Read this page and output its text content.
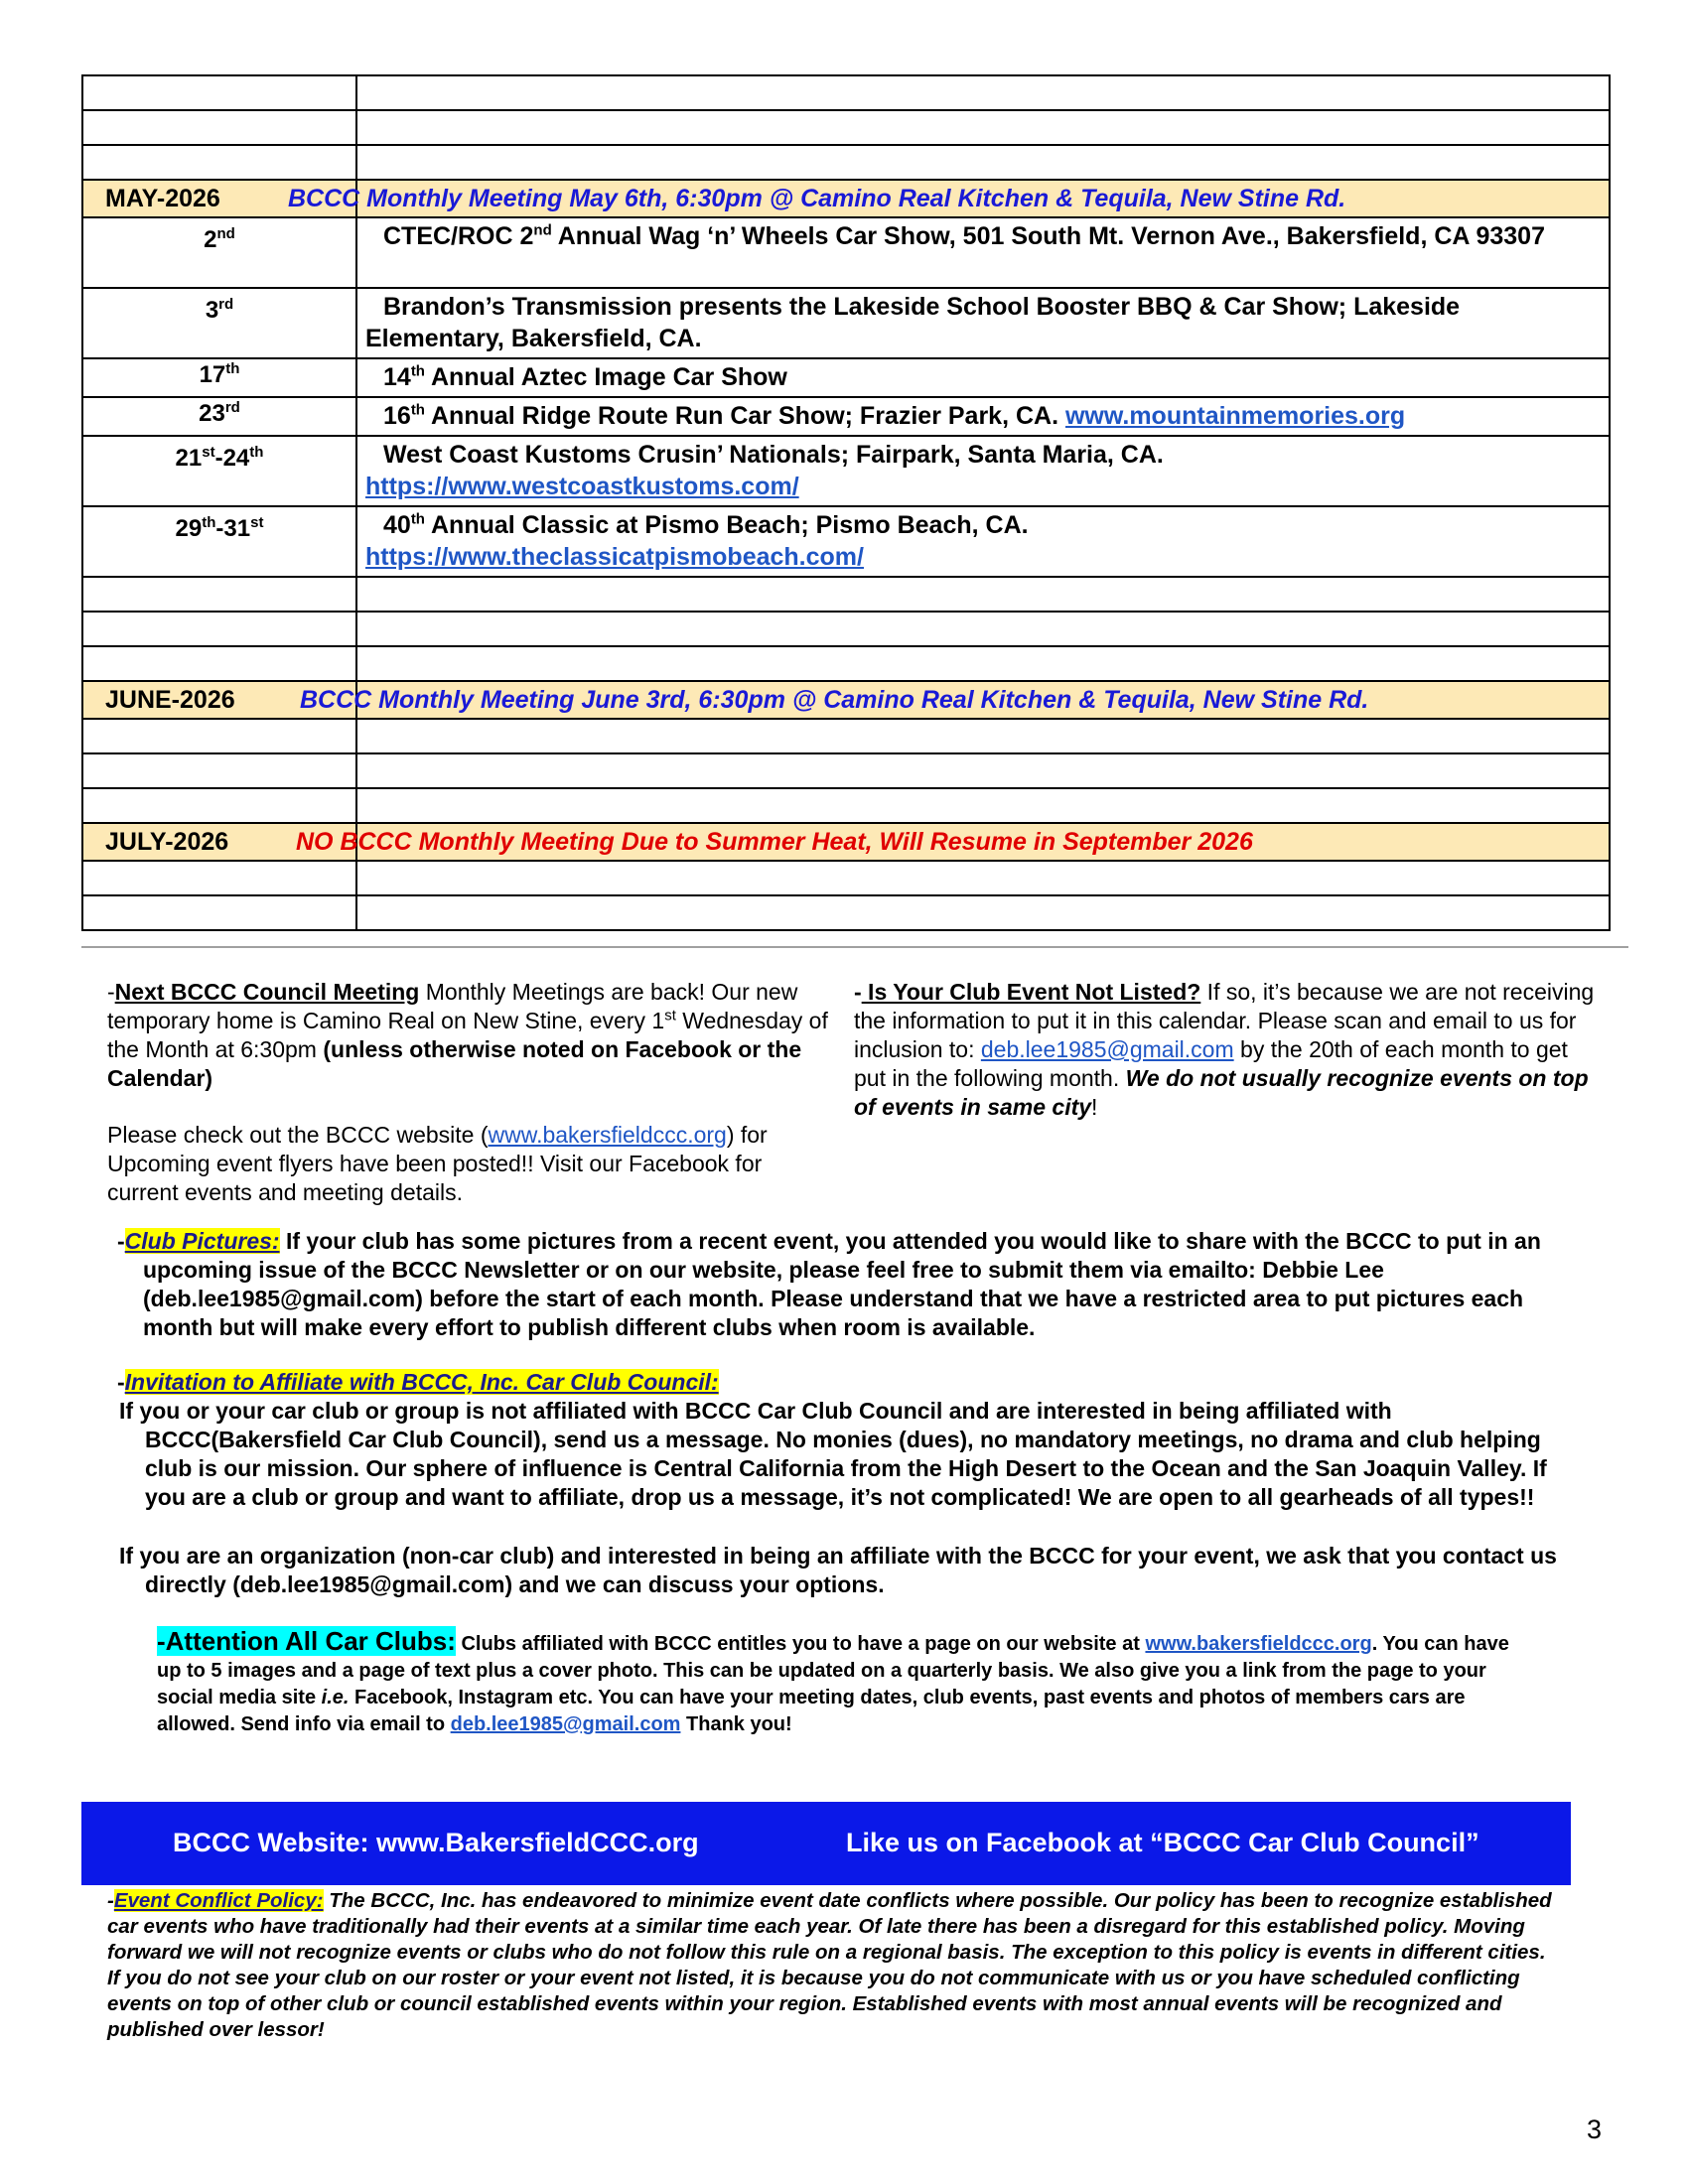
MAY-2026	BCCC Monthly Meeting May 6th, 6:30pm @ Camino Real Kitchen & Tequila, New Stine Rd.
2nd	CTEC/ROC 2nd Annual Wag ‘n’ Wheels Car Show, 501 South Mt. Vernon Ave., Bakersfield, CA 93307
3rd	Brandon’s Transmission presents the Lakeside School Booster BBQ & Car Show; Lakeside Elementary, Bakersfield, CA.
17th	14th Annual Aztec Image Car Show
23rd	16th Annual Ridge Route Run Car Show; Frazier Park, CA. www.mountainmemories.org
21st-24th	West Coast Kustoms Crusin’ Nationals; Fairpark, Santa Maria, CA.
https://www.westcoastkustoms.com/
29th-31st	40th Annual Classic at Pismo Beach; Pismo Beach, CA.
https://www.theclassicatpismobeach.com/

JUNE-2026	BCCC Monthly Meeting June 3rd, 6:30pm @ Camino Real Kitchen & Tequila, New Stine Rd.

JULY-2026	NO BCCC Monthly Meeting Due to Summer Heat, Will Resume in September 2026

-Next BCCC Council Meeting Monthly Meetings are back! Our new temporary home is Camino Real on New Stine, every 1st Wednesday of the Month at 6:30pm (unless otherwise noted on Facebook or the Calendar)
Please check out the BCCC website (www.bakersfieldccc.org) for Upcoming event flyers have been posted!! Visit our Facebook for current events and meeting details.
- Is Your Club Event Not Listed? If so, it’s because we are not receiving the information to put it in this calendar. Please scan and email to us for inclusion to: deb.lee1985@gmail.com by the 20th of each month to get put in the following month. We do not usually recognize events on top of events in same city!
-Club Pictures: If your club has some pictures from a recent event, you attended you would like to share with the BCCC to put in an upcoming issue of the BCCC Newsletter or on our website, please feel free to submit them via emailto: Debbie Lee (deb.lee1985@gmail.com) before the start of each month. Please understand that we have a restricted area to put pictures each month but will make every effort to publish different clubs when room is available.
-Invitation to Affiliate with BCCC, Inc. Car Club Council:
If you or your car club or group is not affiliated with BCCC Car Club Council and are interested in being affiliated with BCCC(Bakersfield Car Club Council), send us a message. No monies (dues), no mandatory meetings, no drama and club helping club is our mission. Our sphere of influence is Central California from the High Desert to the Ocean and the San Joaquin Valley. If you are a club or group and want to affiliate, drop us a message, it’s not complicated! We are open to all gearheads of all types!!
If you are an organization (non-car club) and interested in being an affiliate with the BCCC for your event, we ask that you contact us directly (deb.lee1985@gmail.com) and we can discuss your options.
-Attention All Car Clubs: Clubs affiliated with BCCC entitles you to have a page on our website at www.bakersfieldccc.org. You can have up to 5 images and a page of text plus a cover photo. This can be updated on a quarterly basis. We also give you a link from the page to your social media site i.e. Facebook, Instagram etc. You can have your meeting dates, club events, past events and photos of members cars are allowed. Send info via email to deb.lee1985@gmail.com Thank you!
BCCC Website: www.BakersfieldCCC.org	Like us on Facebook at “BCCC Car Club Council”
-Event Conflict Policy: The BCCC, Inc. has endeavored to minimize event date conflicts where possible. Our policy has been to recognize established car events who have traditionally had their events at a similar time each year. Of late there has been a disregard for this established policy. Moving forward we will not recognize events or clubs who do not follow this rule on a regional basis. The exception to this policy is events in different cities. If you do not see your club on our roster or your event not listed, it is because you do not communicate with us or you have scheduled conflicting events on top of other club or council established events within your region. Established events with most annual events will be recognized and published over lessor!
3
